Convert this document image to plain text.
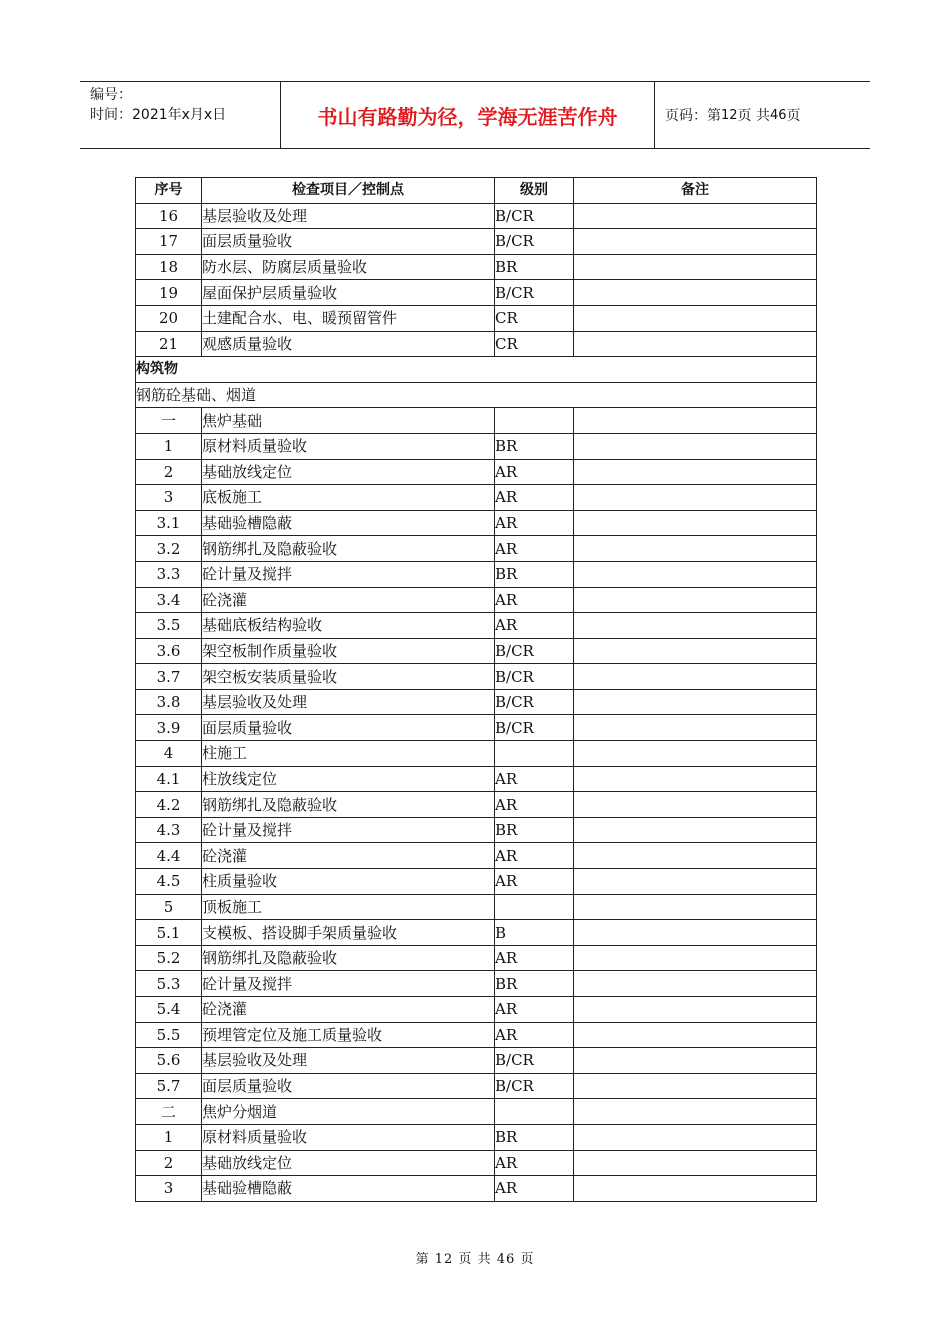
编号：
时间：2021年x月x日	书山有路勤为径，学海无涯苦作舟	页码：第 12 页 共 46 页
序号	检查项目／控制点	级别	备注
16	基层验收及处理	B/CR	
17	面层质量验收	B/CR	
18	防水层、防腐层质量验收	BR	
19	屋面保护层质量验收	B/CR	
20	土建配合水、电、暖预留管件	CR	
21	观感质量验收	CR	
构筑物			
钢筋砼基础、烟道			
一	焦炉基础		
1	原材料质量验收	BR	
2	基础放线定位	AR	
3	底板施工	AR	
3.1	基础验槽隐蔽	AR	
3.2	钢筋绑扎及隐蔽验收	AR	
3.3	砼计量及搅拌	BR	
3.4	砼浇灌	AR	
3.5	基础底板结构验收	AR	
3.6	架空板制作质量验收	B/CR	
3.7	架空板安装质量验收	B/CR	
3.8	基层验收及处理	B/CR	
3.9	面层质量验收	B/CR	
4	柱施工		
4.1	柱放线定位	AR	
4.2	钢筋绑扎及隐蔽验收	AR	
4.3	砼计量及搅拌	BR	
4.4	砼浇灌	AR	
4.5	柱质量验收	AR	
5	顶板施工		
5.1	支模板、搭设脚手架质量验收	B	
5.2	钢筋绑扎及隐蔽验收	AR	
5.3	砼计量及搅拌	BR	
5.4	砼浇灌	AR	
5.5	预埋管定位及施工质量验收	AR	
5.6	基层验收及处理	B/CR	
5.7	面层质量验收	B/CR	
二	焦炉分烟道		
1	原材料质量验收	BR	
2	基础放线定位	AR	
3	基础验槽隐蔽	AR	
第 12 页 共 46 页
